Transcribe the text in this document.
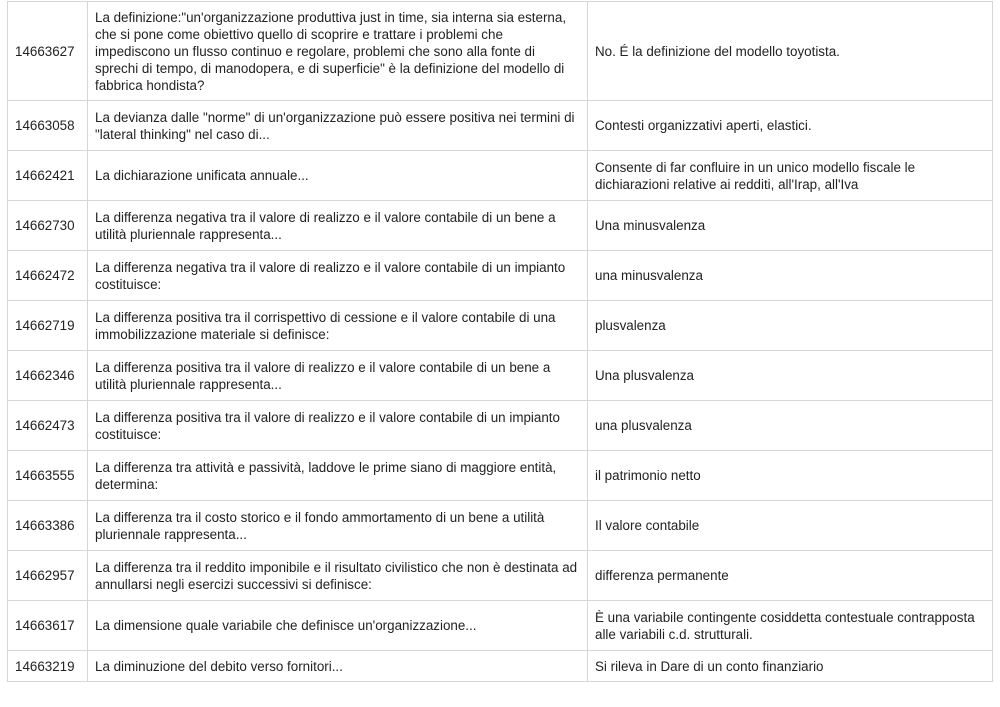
14663627	La definizione:"un'organizzazione produttiva just in time, sia interna sia esterna, che si pone come obiettivo quello di scoprire e trattare i problemi che impediscono un flusso continuo e regolare, problemi che sono alla fonte di sprechi di tempo, di manodopera, e di superficie" è la definizione del modello di fabbrica hondista?	No. É la definizione del modello toyotista.
14663058	La devianza dalle "norme" di un'organizzazione può essere positiva nei termini di "lateral thinking" nel caso di...	Contesti organizzativi aperti, elastici.
14662421	La dichiarazione unificata annuale...	Consente di far confluire in un unico modello fiscale le dichiarazioni relative ai redditi, all'Irap, all'Iva
14662730	La differenza negativa tra il valore di realizzo e il valore contabile di un bene a utilità pluriennale rappresenta...	Una minusvalenza
14662472	La differenza negativa tra il valore di realizzo e il valore contabile di un impianto costituisce:	una minusvalenza
14662719	La differenza positiva tra il corrispettivo di cessione e il valore contabile di una immobilizzazione materiale si definisce:	plusvalenza
14662346	La differenza positiva tra il valore di realizzo e il valore contabile di un bene a utilità pluriennale rappresenta...	Una plusvalenza
14662473	La differenza positiva tra il valore di realizzo e il valore contabile di un impianto costituisce:	una plusvalenza
14663555	La differenza tra attività e passività, laddove le prime siano di maggiore entità, determina:	il patrimonio netto
14663386	La differenza tra il costo storico e il fondo ammortamento di un bene a utilità pluriennale rappresenta...	Il valore contabile
14662957	La differenza tra il reddito imponibile e il risultato civilistico che non è destinata ad annullarsi negli esercizi successivi si definisce:	differenza permanente
14663617	La dimensione quale variabile che definisce un'organizzazione...	È una variabile contingente cosiddetta contestuale contrapposta alle variabili c.d. strutturali.
14663219	La diminuzione del debito verso fornitori...	Si rileva in Dare di un conto finanziario
